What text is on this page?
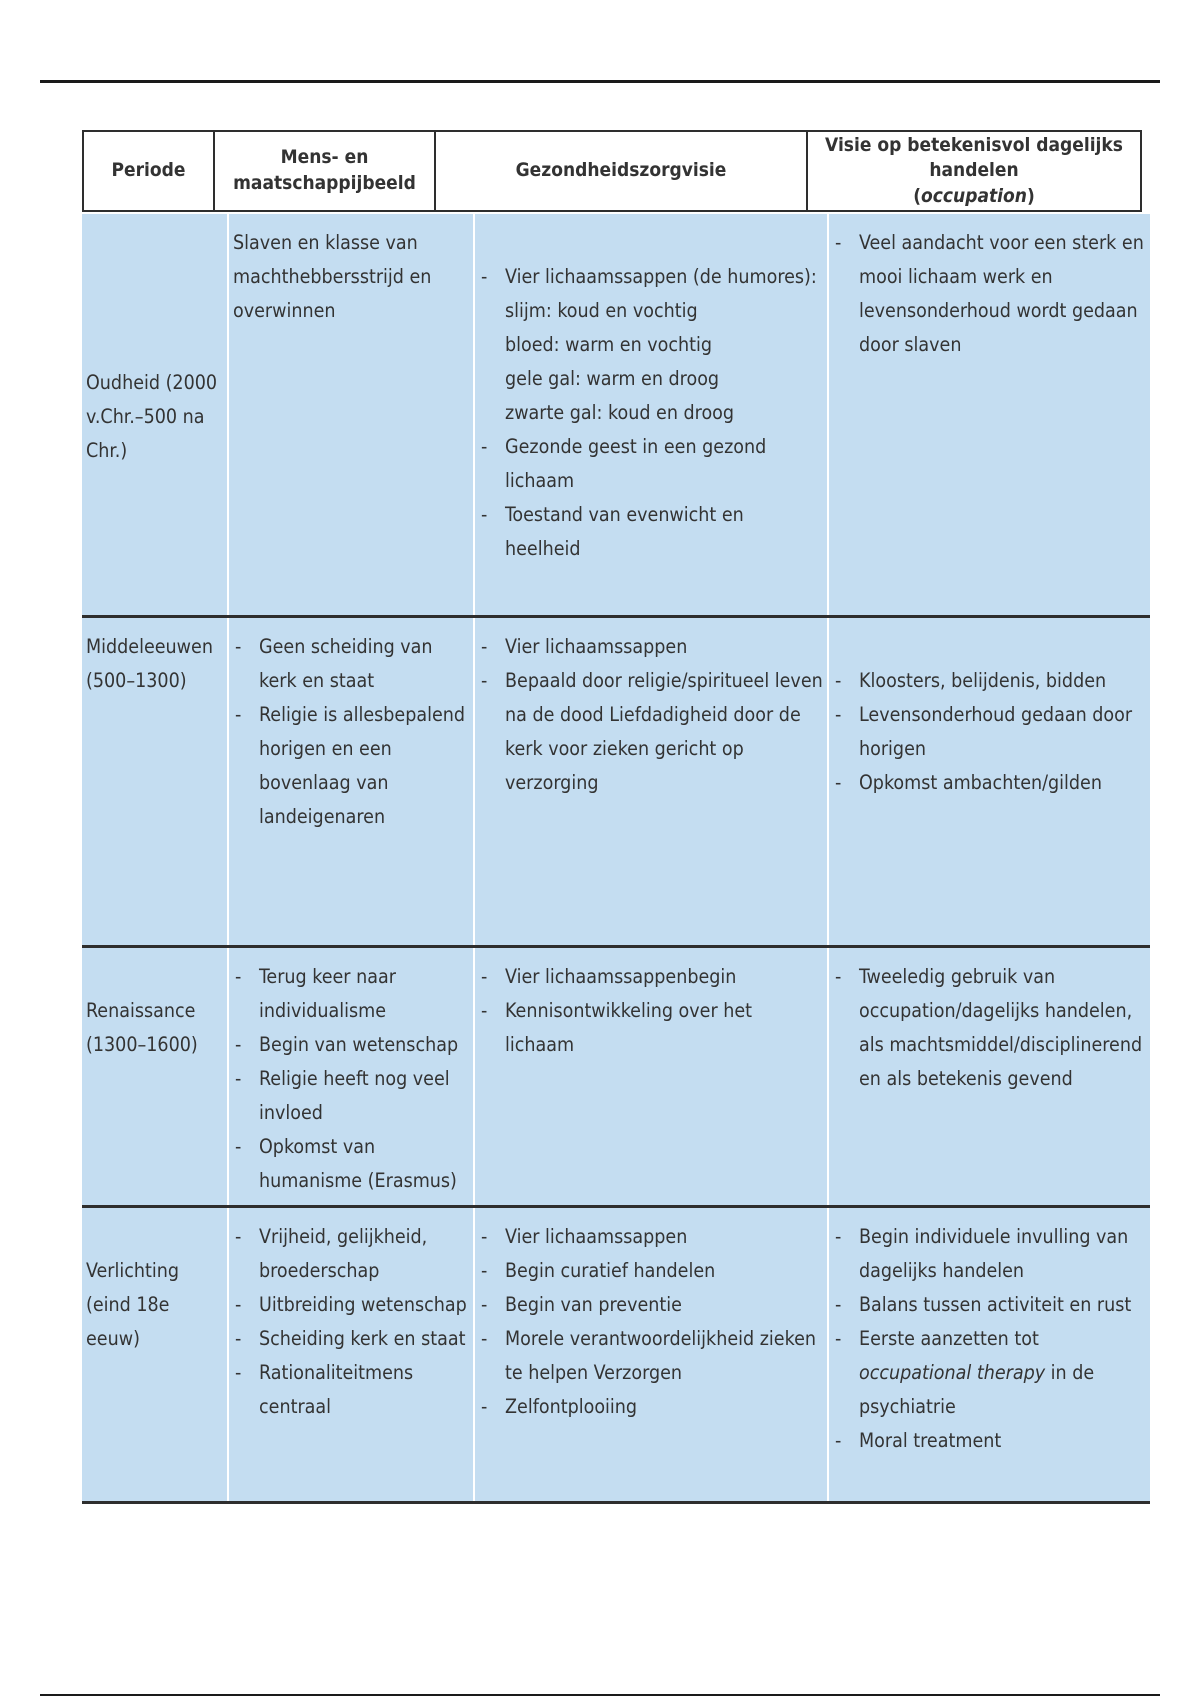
Periode
Mens- en
maatschappijbeeld
Gezondheidszorgvisie
Visie op betekenisvol dagelijks handelen
(occupation)
Oudheid (2000 v.Chr.–500 na Chr.)

Slaven en klasse van machthebbersstrijd en overwinnen

- Vier lichaamssappen (de humores):
slijm: koud en vochtig
bloed: warm en vochtig
gele gal: warm en droog
zwarte gal: koud en droog
- Gezonde geest in een gezond lichaam
- Toestand van evenwicht en heelheid
- Veel aandacht voor een sterk en mooi lichaam werk en levensonderhoud wordt gedaan door slaven
Middeleeuwen (500–1300)
- Geen scheiding van kerk en staat
- Religie is allesbepalend horigen en een bovenlaag van landeigenaren
- Vier lichaamssappen
- Bepaald door religie/spiritueel leven na de dood Liefdadigheid door de kerk voor zieken gericht op verzorging
- Kloosters, belijdenis, bidden
- Levensonderhoud gedaan door horigen
- Opkomst ambachten/gilden
Renaissance (1300–1600)
- Terug keer naar individualisme
- Begin van wetenschap
- Religie heeft nog veel invloed
- Opkomst van humanisme (Erasmus)
- Vier lichaamssappenbegin
- Kennisontwikkeling over het lichaam
- Tweeledig gebruik van occupation/dagelijks handelen, als machtsmiddel/disciplinerend en als betekenis gevend
Verlichting
(eind 18e eeuw)
- Vrijheid, gelijkheid, broederschap
- Uitbreiding wetenschap
- Scheiding kerk en staat
- Rationaliteitmens centraal
- Vier lichaamssappen
- Begin curatief handelen
- Begin van preventie
- Morele verantwoordelijkheid zieken te helpen Verzorgen
- Zelfontplooiing
- Begin individuele invulling van dagelijks handelen
- Balans tussen activiteit en rust
- Eerste aanzetten tot occupational therapy in de psychiatrie
- Moral treatment
